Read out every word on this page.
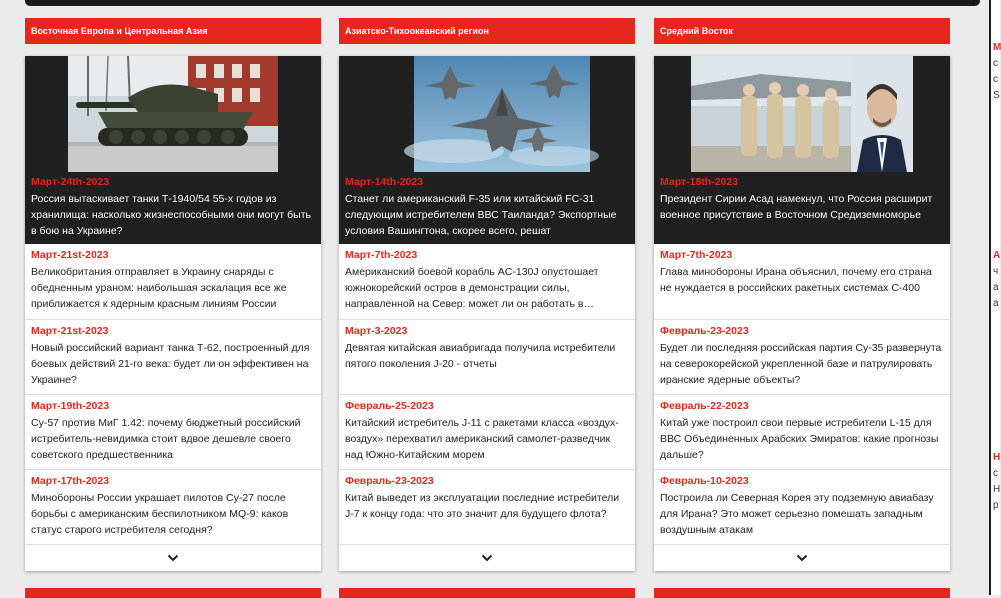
Восточная Европа и Центральная Азия
Март-24th-2023
Россия вытаскивает танки Т-1940/54 55-х годов из хранилища: насколько жизнеспособными они могут быть в бою на Украине?
Март-21st-2023
Великобритания отправляет в Украину снаряды с обедненным ураном: наибольшая эскалация все же приближается к ядерным красным линиям России
Март-21st-2023
Новый российский вариант танка Т-62, построенный для боевых действий 21-го века: будет ли он эффективен на Украине?
Март-19th-2023
Су-57 против МиГ 1.42: почему бюджетный российский истребитель-невидимка стоит вдвое дешевле своего советского предшественника
Март-17th-2023
Минобороны России украшает пилотов Су-27 после борьбы с американским беспилотником MQ-9: каков статус старого истребителя сегодня?
Азиатско-Тихоокеанский регион
Март-14th-2023
Станет ли американский F-35 или китайский FC-31 следующим истребителем ВВС Таиланда? Экспортные условия Вашингтона, скорее всего, решат
Март-7th-2023
Американский боевой корабль AC-130J опустошает южнокорейский остров в демонстрации силы, направленной на Север: может ли он работать в…
Март-3-2023
Девятая китайская авиабригада получила истребители пятого поколения J-20 - отчеты
Февраль-25-2023
Китайский истребитель J-11 с ракетами класса «воздух-воздух» перехватил американский самолет-разведчик над Южно-Китайским морем
Февраль-23-2023
Китай выведет из эксплуатации последние истребители J-7 к концу года: что это значит для будущего флота?
Средний Восток
Март-18th-2023
Президент Сирии Асад намекнул, что Россия расширит военное присутствие в Восточном Средиземноморье
Март-7th-2023
Глава минобороны Ирана объяснил, почему его страна не нуждается в российских ракетных системах С-400
Февраль-23-2023
Будет ли последняя российская партия Су-35 развернута на северокорейской укрепленной базе и патрулировать иранские ядерные объекты?
Февраль-22-2023
Китай уже построил свои первые истребители L-15 для ВВС Объединенных Арабских Эмиратов: какие прогнозы дальше?
Февраль-10-2023
Построила ли Северная Корея эту подземную авиабазу для Ирана? Это может серьезно помешать западным воздушным атакам
M
c
c
S
A
ч
а
а
Н
с
Н
р
